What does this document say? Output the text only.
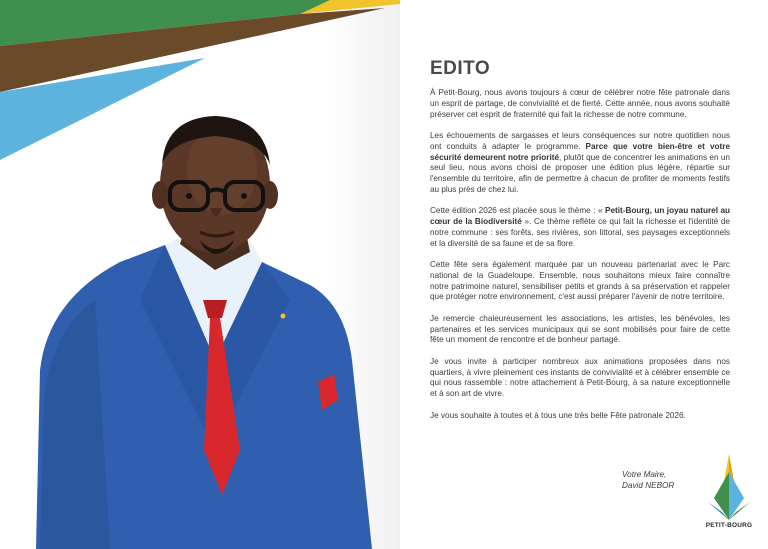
EDITO

À Petit-Bourg, nous avons toujours à cœur de célébrer notre fête patronale dans un esprit de partage, de convivialité et de fierté. Cette année, nous avons souhaité préserver cet esprit de fraternité qui fait la richesse de notre commune.

Les échouements de sargasses et leurs conséquences sur notre quotidien nous ont conduits à adapter le programme. Parce que votre bien-être et votre sécurité demeurent notre priorité, plutôt que de concentrer les animations en un seul lieu, nous avons choisi de proposer une édition plus légère, répartie sur l'ensemble du territoire, afin de permettre à chacun de profiter de moments festifs au plus près de chez lui.

Cette édition 2026 est placée sous le thème : « Petit-Bourg, un joyau naturel au cœur de la Biodiversité ». Ce thème reflète ce qui fait la richesse et l'identité de notre commune : ses forêts, ses rivières, son littoral, ses paysages exceptionnels et la diversité de sa faune et de sa flore.

Cette fête sera également marquée par un nouveau partenariat avec le Parc national de la Guadeloupe. Ensemble, nous souhaitons mieux faire connaître notre patrimoine naturel, sensibiliser petits et grands à sa préservation et rappeler que protéger notre environnement, c'est aussi préparer l'avenir de notre territoire.

Je remercie chaleureusement les associations, les artistes, les bénévoles, les partenaires et les services municipaux qui se sont mobilisés pour faire de cette fête un moment de rencontre et de bonheur partagé.

Je vous invite à participer nombreux aux animations proposées dans nos quartiers, à vivre pleinement ces instants de convivialité et à célébrer ensemble ce qui nous rassemble : notre attachement à Petit-Bourg, à sa nature exceptionnelle et à son art de vivre.

Je vous souhaite à toutes et à tous une très belle Fête patronale 2026.

Votre Maire,
David NEBOR
PETIT-BOURG
